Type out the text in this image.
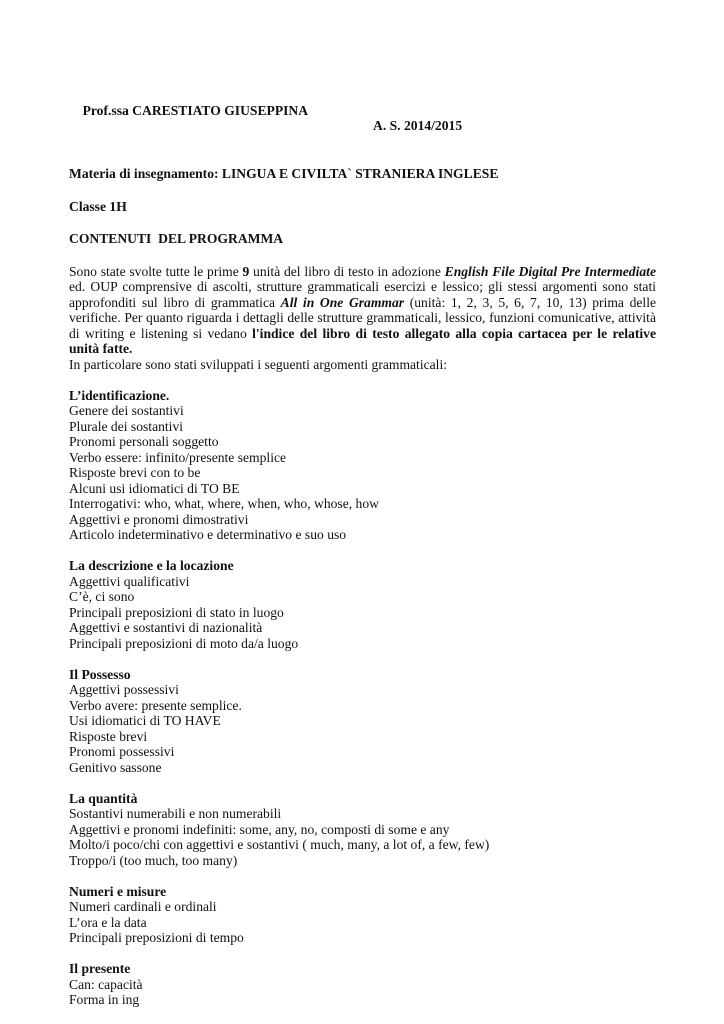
Prof.ssa CARESTIATO GIUSEPPINA

A. S. 2014/2015

Materia di insegnamento: LINGUA E CIVILTA` STRANIERA INGLESE
Classe 1H
CONTENUTI  DEL PROGRAMMA
Sono state svolte tutte le prime 9 unità del libro di testo in adozione English File Digital Pre Intermediate ed. OUP comprensive di ascolti, strutture grammaticali esercizi e lessico; gli stessi argomenti sono stati approfonditi sul libro di grammatica All in One Grammar (unità: 1, 2, 3, 5, 6, 7, 10, 13) prima delle verifiche. Per quanto riguarda i dettagli delle strutture grammaticali, lessico, funzioni comunicative, attività di writing e listening si vedano l'indice del libro di testo allegato alla copia cartacea per le relative unità fatte.
In particolare sono stati sviluppati i seguenti argomenti grammaticali:
L’identificazione.
Genere dei sostantivi
Plurale dei sostantivi
Pronomi personali soggetto
Verbo essere: infinito/presente semplice
Risposte brevi con to be
Alcuni usi idiomatici di TO BE
Interrogativi: who, what, where, when, who, whose, how
Aggettivi e pronomi dimostrativi
Articolo indeterminativo e determinativo e suo uso
La descrizione e la locazione
Aggettivi qualificativi
C’è, ci sono
Principali preposizioni di stato in luogo
Aggettivi e sostantivi di nazionalità
Principali preposizioni di moto da/a luogo
Il Possesso
Aggettivi possessivi
Verbo avere: presente semplice.
Usi idiomatici di TO HAVE
Risposte brevi
Pronomi possessivi
Genitivo sassone
La quantità
Sostantivi numerabili e non numerabili
Aggettivi e pronomi indefiniti: some, any, no, composti di some e any
Molto/i poco/chi con aggettivi e sostantivi ( much, many, a lot of, a few, few)
Troppo/i (too much, too many)
Numeri e misure
Numeri cardinali e ordinali
L’ora e la data
Principali preposizioni di tempo
Il presente
Can: capacità
Forma in ing
